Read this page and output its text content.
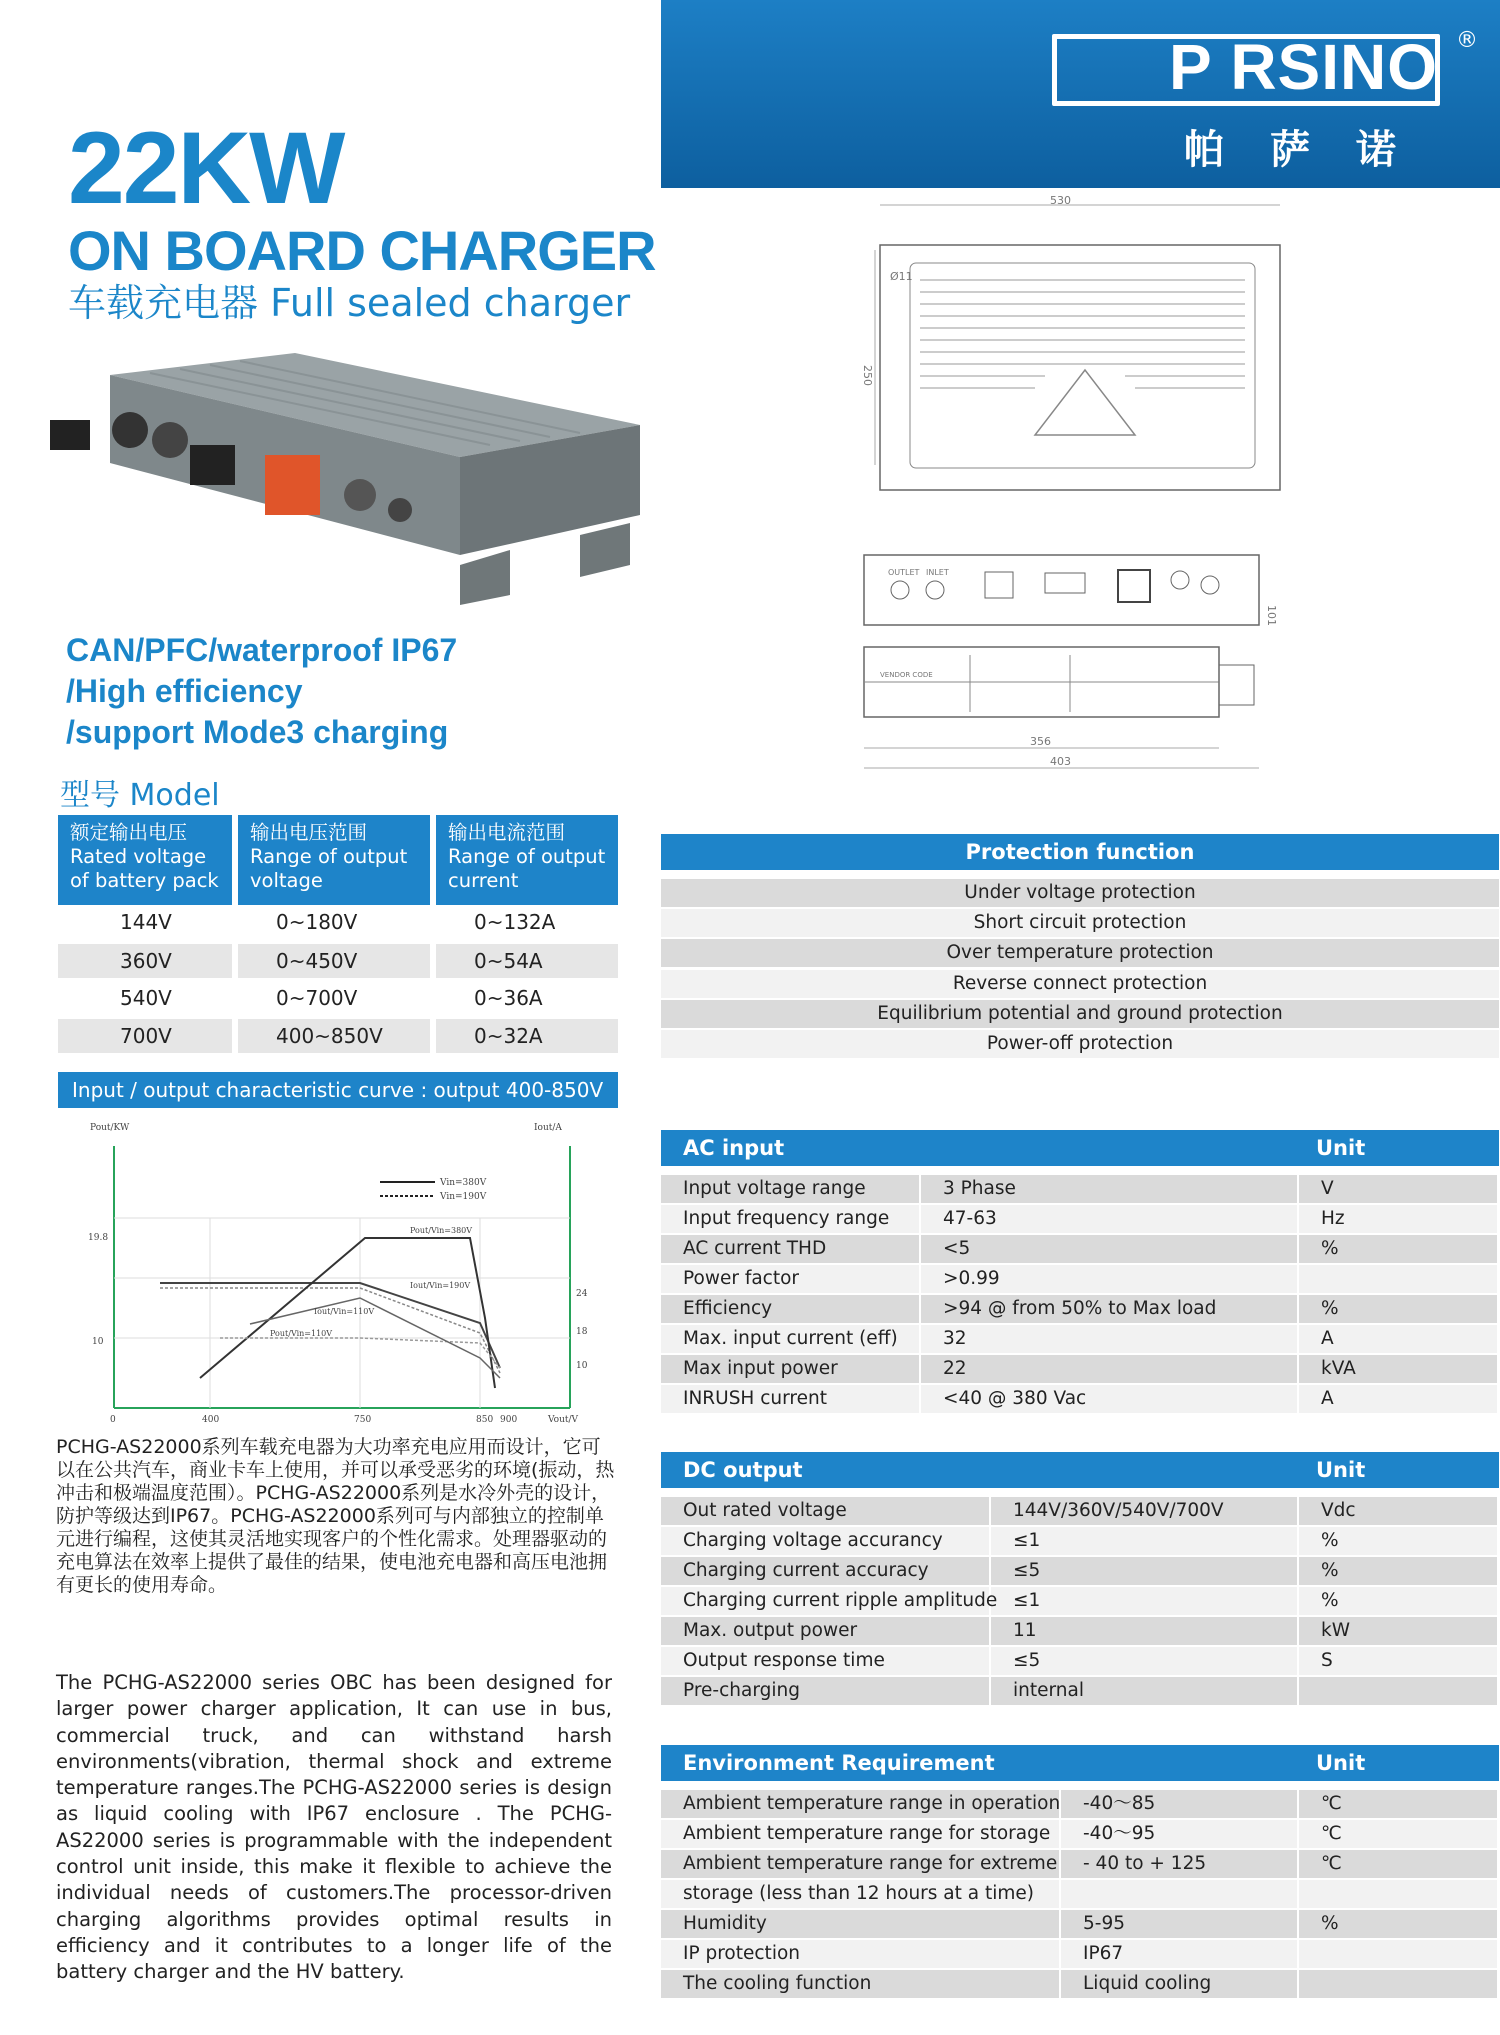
P RSINO ®
帕萨诺
22KW
ON BOARD CHARGER
车载充电器 Full sealed charger
CAN/PFC/waterproof IP67
/High efficiency
/support Mode3 charging
型号 Model
额定输出电压
Rated voltage
of battery pack
输出电压范围
Range of output
voltage
输出电流范围
Range of output
current
144V	0~180V	0~132A
360V	0~450V	0~54A
540V	0~700V	0~36A
700V	400~850V	0~32A
Input / output characteristic curve : output 400-850V
Pout/KW	Iout/A
Vout/V
19.8
10
24
18
10
0	400	750	850 900
Vin=380V
Vin=190V
Pout/Vin=380V
Iout/Vin=190V
Iout/Vin=110V
Pout/Vin=110V
PCHG-AS22000系列车载充电器为大功率充电应用而设计，它可以在公共汽车，商业卡车上使用，并可以承受恶劣的环境(振动，热冲击和极端温度范围）。PCHG-AS22000系列是水冷外壳的设计，防护等级达到IP67。PCHG-AS22000系列可与内部独立的控制单元进行编程，这使其灵活地实现客户的个性化需求。处理器驱动的充电算法在效率上提供了最佳的结果，使电池充电器和高压电池拥有更长的使用寿命。
The PCHG-AS22000 series OBC has been designed for larger power charger application, It can use in bus, commercial truck, and can withstand harsh environments(vibration, thermal shock and extreme temperature ranges.The PCHG-AS22000 series is design as liquid cooling with IP67 enclosure . The PCHG-AS22000 series is programmable with the independent control unit inside, this make it flexible to achieve the individual needs of customers.The processor-driven charging algorithms provides optimal results in efficiency and it contributes to a longer life of the battery charger and the HV battery.
530
250
Ø11
OUTLET INLET
101
VENDOR CODE
356
403
Protection function
Under voltage protection
Short circuit protection
Over temperature protection
Reverse connect protection
Equilibrium potential and ground protection
Power-off protection
AC input	Unit
Input voltage range	3 Phase	V
Input frequency range	47-63	Hz
AC current THD	<5	%
Power factor	>0.99
Efficiency	>94 @ from 50% to Max load	%
Max. input current (eff)	32	A
Max input power	22	kVA
INRUSH current	<40 @ 380 Vac	A
DC output	Unit
Out rated voltage	144V/360V/540V/700V	Vdc
Charging voltage accurancy	≤1	%
Charging current accuracy	≤5	%
Charging current ripple amplitude ≤1	%
Max. output power	11	kW
Output response time	≤5	S
Pre-charging	internal
Environment Requirement	Unit
Ambient temperature range in operation	-40～85	℃
Ambient temperature range for storage	-40～95	℃
Ambient temperature range for extreme	- 40 to + 125	℃
storage (less than 12 hours at a time)
Humidity	5-95	%
IP protection	IP67
The cooling function	Liquid cooling
